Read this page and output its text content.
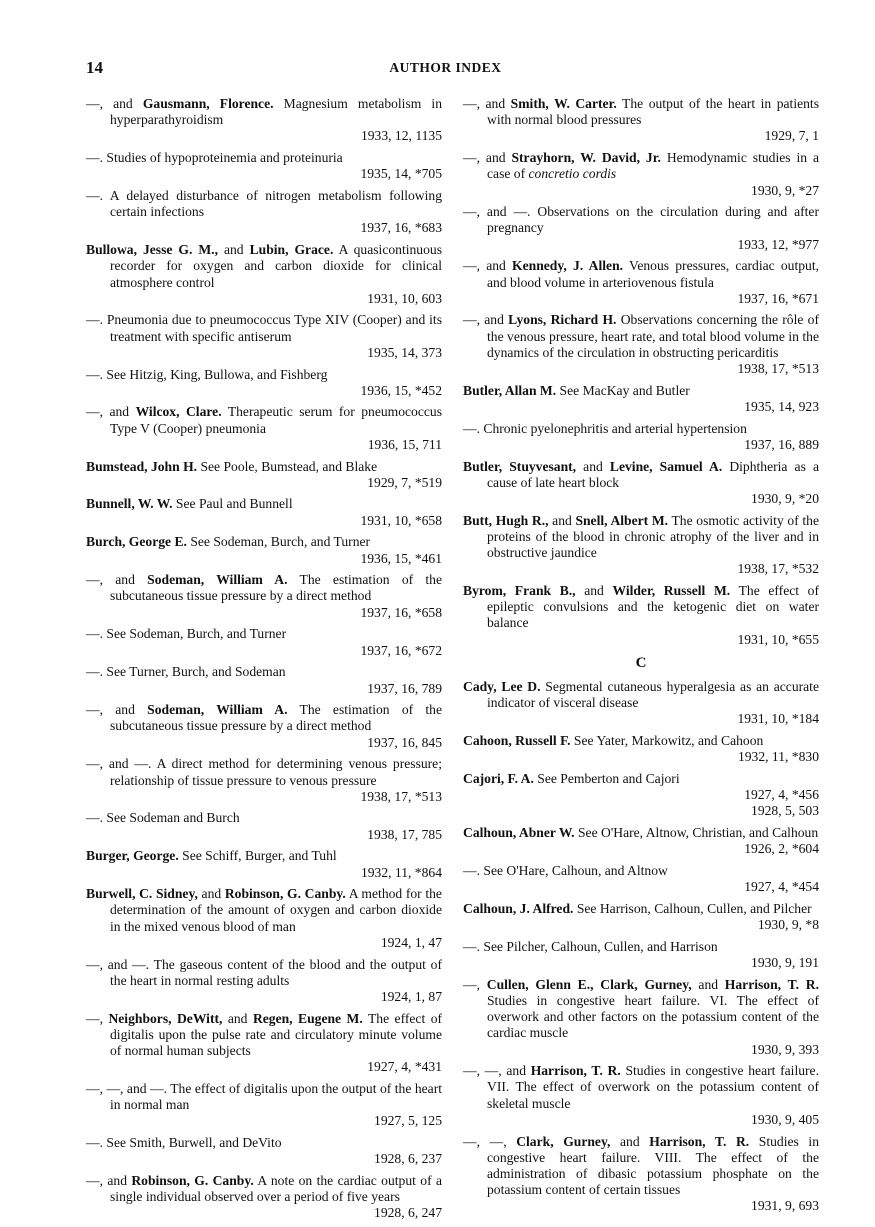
14	AUTHOR INDEX
—, and Gausmann, Florence. Magnesium metabolism in hyperparathyroidism
1933, 12, 1135
—. Studies of hypoproteinemia and proteinuria
1935, 14, *705
—. A delayed disturbance of nitrogen metabolism following certain infections
1937, 16, *683
Bullowa, Jesse G. M., and Lubin, Grace. A quasicontinuous recorder for oxygen and carbon dioxide for clinical atmosphere control
1931, 10, 603
—. Pneumonia due to pneumococcus Type XIV (Cooper) and its treatment with specific antiserum
1935, 14, 373
—. See Hitzig, King, Bullowa, and Fishberg
1936, 15, *452
—, and Wilcox, Clare. Therapeutic serum for pneumococcus Type V (Cooper) pneumonia
1936, 15, 711
Bumstead, John H. See Poole, Bumstead, and Blake
1929, 7, *519
Bunnell, W. W. See Paul and Bunnell
1931, 10, *658
Burch, George E. See Sodeman, Burch, and Turner
1936, 15, *461
—, and Sodeman, William A. The estimation of the subcutaneous tissue pressure by a direct method
1937, 16, *658
—. See Sodeman, Burch, and Turner
1937, 16, *672
—. See Turner, Burch, and Sodeman
1937, 16, 789
—, and Sodeman, William A. The estimation of the subcutaneous tissue pressure by a direct method
1937, 16, 845
—, and —. A direct method for determining venous pressure; relationship of tissue pressure to venous pressure
1938, 17, *513
—. See Sodeman and Burch
1938, 17, 785
Burger, George. See Schiff, Burger, and Tuhl
1932, 11, *864
Burwell, C. Sidney, and Robinson, G. Canby. A method for the determination of the amount of oxygen and carbon dioxide in the mixed venous blood of man
1924, 1, 47
—, and —. The gaseous content of the blood and the output of the heart in normal resting adults
1924, 1, 87
—, Neighbors, DeWitt, and Regen, Eugene M. The effect of digitalis upon the pulse rate and circulatory minute volume of normal human subjects
1927, 4, *431
—, —, and —. The effect of digitalis upon the output of the heart in normal man
1927, 5, 125
—. See Smith, Burwell, and DeVito
1928, 6, 237
—, and Robinson, G. Canby. A note on the cardiac output of a single individual observed over a period of five years
1928, 6, 247
—, and Smith, W. Carter. The output of the heart in patients with normal blood pressures
1929, 7, 1
—, and Strayhorn, W. David, Jr. Hemodynamic studies in a case of concretio cordis
1930, 9, *27
—, and —. Observations on the circulation during and after pregnancy
1933, 12, *977
—, and Kennedy, J. Allen. Venous pressures, cardiac output, and blood volume in arteriovenous fistula
1937, 16, *671
—, and Lyons, Richard H. Observations concerning the rôle of the venous pressure, heart rate, and total blood volume in the dynamics of the circulation in obstructing pericarditis
1938, 17, *513
Butler, Allan M. See MacKay and Butler
1935, 14, 923
—. Chronic pyelonephritis and arterial hypertension
1937, 16, 889
Butler, Stuyvesant, and Levine, Samuel A. Diphtheria as a cause of late heart block
1930, 9, *20
Butt, Hugh R., and Snell, Albert M. The osmotic activity of the proteins of the blood in chronic atrophy of the liver and in obstructive jaundice
1938, 17, *532
Byrom, Frank B., and Wilder, Russell M. The effect of epileptic convulsions and the ketogenic diet on water balance
1931, 10, *655
C
Cady, Lee D. Segmental cutaneous hyperalgesia as an accurate indicator of visceral disease
1931, 10, *184
Cahoon, Russell F. See Yater, Markowitz, and Cahoon
1932, 11, *830
Cajori, F. A. See Pemberton and Cajori
1927, 4, *456
1928, 5, 503
Calhoun, Abner W. See O'Hare, Altnow, Christian, and Calhoun
1926, 2, *604
—. See O'Hare, Calhoun, and Altnow
1927, 4, *454
Calhoun, J. Alfred. See Harrison, Calhoun, Cullen, and Pilcher
1930, 9, *8
—. See Pilcher, Calhoun, Cullen, and Harrison
1930, 9, 191
—, Cullen, Glenn E., Clark, Gurney, and Harrison, T. R. Studies in congestive heart failure. VI. The effect of overwork and other factors on the potassium content of the cardiac muscle
1930, 9, 393
—, —, and Harrison, T. R. Studies in congestive heart failure. VII. The effect of overwork on the potassium content of skeletal muscle
1930, 9, 405
—, —, Clark, Gurney, and Harrison, T. R. Studies in congestive heart failure. VIII. The effect of the administration of dibasic potassium phosphate on the potassium content of certain tissues
1931, 9, 693
